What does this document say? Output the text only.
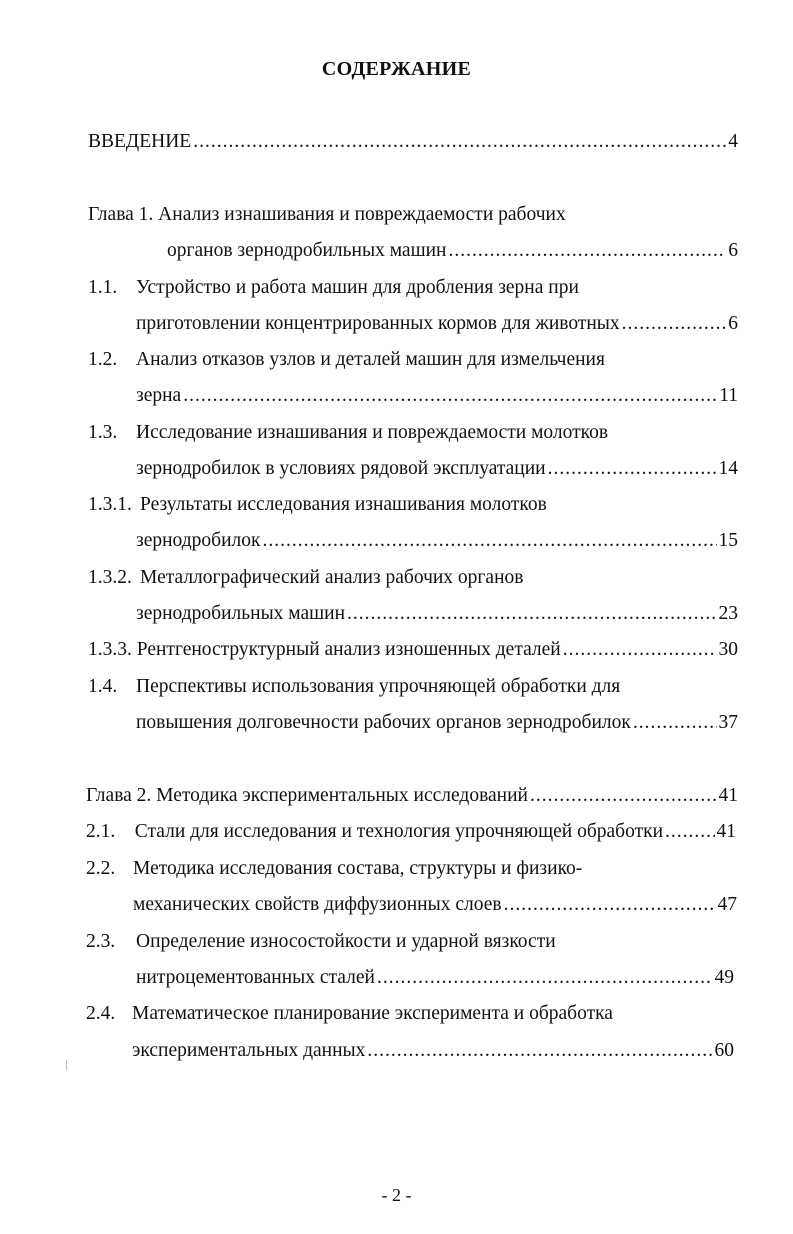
СОДЕРЖАНИЕ
ВВЕДЕНИЕ .....	4
Глава 1. Анализ изнашивания и повреждаемости рабочих
органов зернодробильных машин .....	6
1.1. Устройство и работа машин для дробления зерна при
приготовлении концентрированных кормов для животных .....	6
1.2. Анализ отказов узлов и деталей машин для измельчения
зерна .....	11
1.3. Исследование изнашивания и повреждаемости молотков
зернодробилок в условиях рядовой эксплуатации .....	14
1.3.1. Результаты исследования изнашивания молотков
зернодробилок .....	15
1.3.2. Металлографический анализ рабочих органов
зернодробильных машин .....	23
1.3.3. Рентгеноструктурный анализ изношенных деталей .....	30
1.4. Перспективы использования упрочняющей обработки для
повышения долговечности рабочих органов зернодробилок .....	37
Глава 2. Методика экспериментальных исследований .....	41
2.1.    Стали для исследования и технология упрочняющей обработки .....	41
2.2. Методика исследования состава, структуры и физико-
механических свойств диффузионных слоев .....	47
2.3. Определение износостойкости и ударной вязкости
нитроцементованных сталей .....	49
2.4. Математическое планирование эксперимента и обработка
экспериментальных данных .....	60
- 2 -
